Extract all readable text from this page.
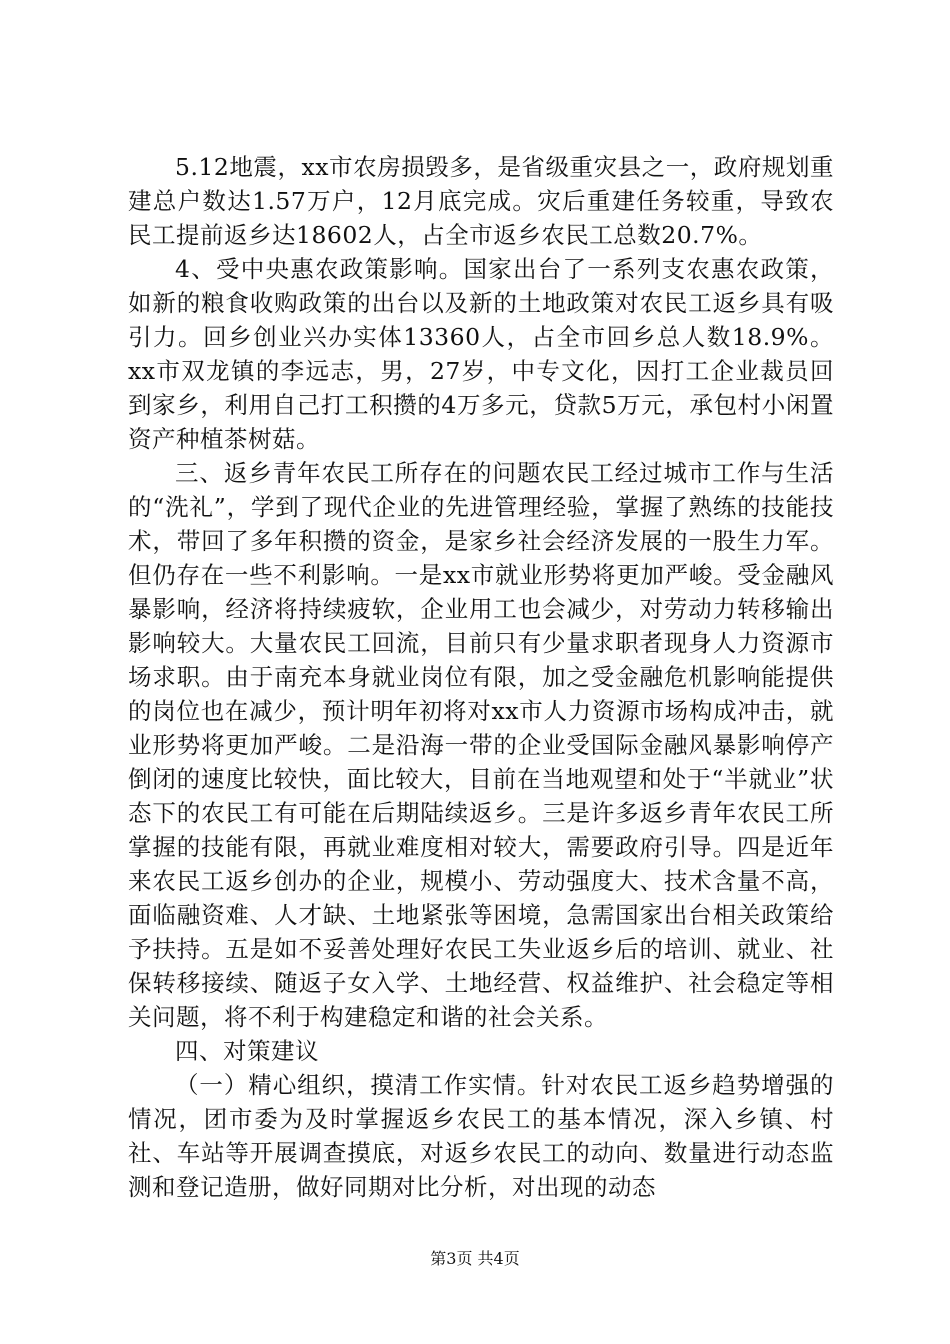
5.12地震，xx市农房损毁多，是省级重灾县之一，政府规划重建总户数达1.57万户，12月底完成。灾后重建任务较重，导致农民工提前返乡达18602人，占全市返乡农民工总数20.7%。

4、受中央惠农政策影响。国家出台了一系列支农惠农政策，如新的粮食收购政策的出台以及新的土地政策对农民工返乡具有吸引力。回乡创业兴办实体13360人，占全市回乡总人数18.9%。xx市双龙镇的李远志，男，27岁，中专文化，因打工企业裁员回到家乡，利用自己打工积攒的4万多元，贷款5万元，承包村小闲置资产种植茶树菇。

三、返乡青年农民工所存在的问题农民工经过城市工作与生活的“洗礼”，学到了现代企业的先进管理经验，掌握了熟练的技能技术，带回了多年积攒的资金，是家乡社会经济发展的一股生力军。但仍存在一些不利影响。一是xx市就业形势将更加严峻。受金融风暴影响，经济将持续疲软，企业用工也会减少，对劳动力转移输出影响较大。大量农民工回流，目前只有少量求职者现身人力资源市场求职。由于南充本身就业岗位有限，加之受金融危机影响能提供的岗位也在减少，预计明年初将对xx市人力资源市场构成冲击，就业形势将更加严峻。二是沿海一带的企业受国际金融风暴影响停产倒闭的速度比较快，面比较大，目前在当地观望和处于“半就业”状态下的农民工有可能在后期陆续返乡。三是许多返乡青年农民工所掌握的技能有限，再就业难度相对较大，需要政府引导。四是近年来农民工返乡创办的企业，规模小、劳动强度大、技术含量不高，面临融资难、人才缺、土地紧张等困境，急需国家出台相关政策给予扶持。五是如不妥善处理好农民工失业返乡后的培训、就业、社保转移接续、随返子女入学、土地经营、权益维护、社会稳定等相关问题，将不利于构建稳定和谐的社会关系。

四、对策建议

（一）精心组织，摸清工作实情。针对农民工返乡趋势增强的情况，团市委为及时掌握返乡农民工的基本情况，深入乡镇、村社、车站等开展调查摸底，对返乡农民工的动向、数量进行动态监测和登记造册，做好同期对比分析，对出现的动态

第3页 共4页
